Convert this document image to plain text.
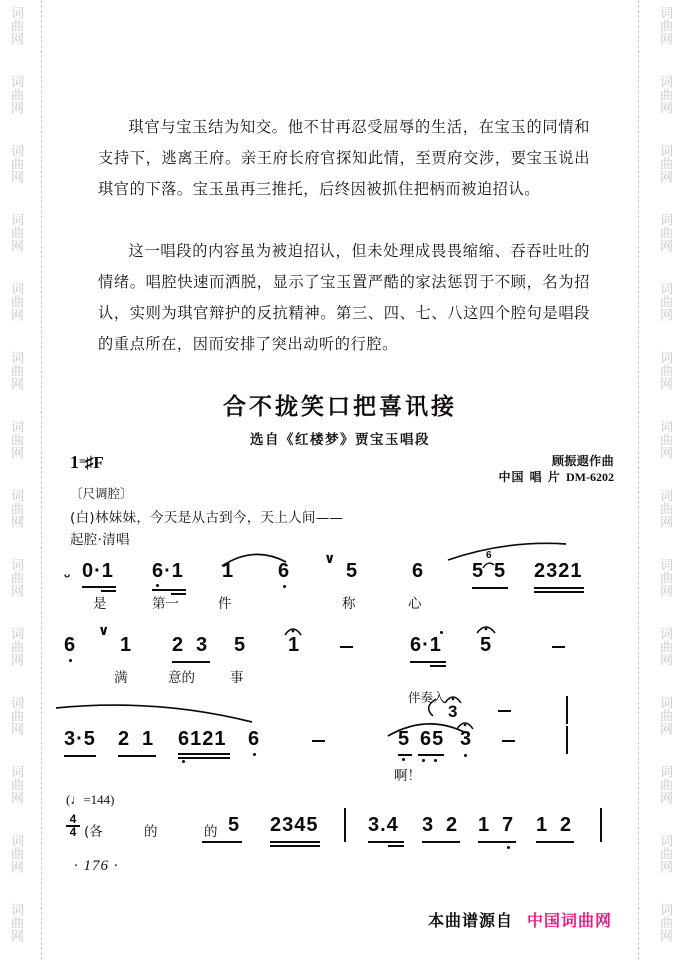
词曲网
词曲网
词曲网
词曲网
词曲网
词曲网
词曲网
词曲网
词曲网
词曲网
词曲网
词曲网
词曲网
词曲网
词曲网
词曲网
词曲网
词曲网
词曲网
词曲网
词曲网
词曲网
词曲网
词曲网
词曲网
词曲网
词曲网
词曲网
琪官与宝玉结为知交。他不甘再忍受屈辱的生活，在宝玉的同情和支持下，逃离王府。亲王府长府官探知此情，至贾府交涉，要宝玉说出琪官的下落。宝玉虽再三推托，后终因被抓住把柄而被迫招认。
这一唱段的内容虽为被迫招认，但未处理成畏畏缩缩、吞吞吐吐的情绪。唱腔快速而洒脱，显示了宝玉置严酷的家法惩罚于不顾，名为招认，实则为琪官辩护的反抗精神。第三、四、七、八这四个腔句是唱段的重点所在，因而安排了突出动听的行腔。
合不拢笑口把喜讯接
选自《红楼梦》贾宝玉唱段
顾振遐作曲
中国 唱 片 DM-6202
1=♯F
〔尺调腔〕
(白)林妹妹，今天是从古到今，天上人间——
起腔·清唱
ᵕ 0·1
是
6·1
第一
1
件
6
∨
5
称
6
心
5
6
5 2321
6
∨
1
满
2 3
意的
5
事
1	6·1 5
伴奏入
3
3·5 2 1 6121 6	5 65 3
啊！
(♩=144)
4
4 (各	的	的 5 2345 3.4 3 2 1 7 1 2
· 176 ·
本曲谱源自 中国词曲网
